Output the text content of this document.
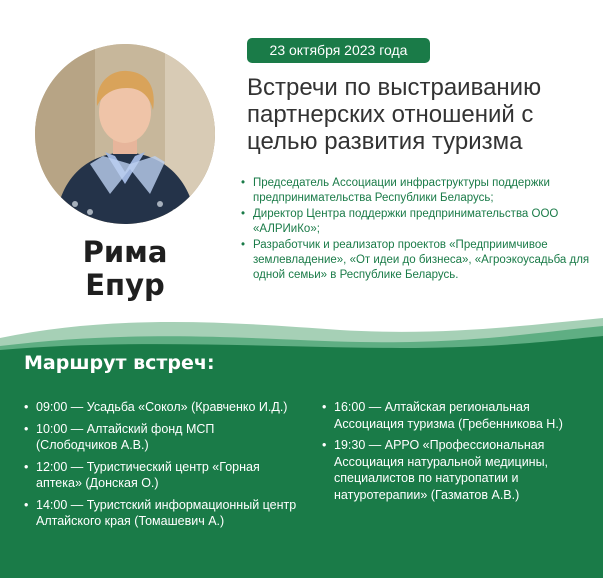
Рима
Епур
23 октября 2023 года
Встречи по выстраиванию партнерских отношений с целью развития туризма
• Председатель Ассоциации инфраструктуры поддержки предпринимательства Республики Беларусь;
• Директор Центра поддержки предпринимательства ООО «АЛРИиКо»;
• Разработчик и реализатор проектов «Предприимчивое землевладение», «От идеи до бизнеса», «Агроэкоусадьба для одной семьи» в Республике Беларусь.
Маршрут встреч:
• 09:00 — Усадьба «Сокол» (Кравченко И.Д.)
• 10:00 — Алтайский фонд МСП (Слободчиков А.В.)
• 12:00 — Туристический центр «Горная аптека» (Донская О.)
• 14:00 — Туристский информационный центр Алтайского края (Томашевич А.)
• 16:00 — Алтайская региональная Ассоциация туризма (Гребенникова Н.)
• 19:30 — АРРО «Профессиональная Ассоциация натуральной медицины, специалистов по натуропатии и натуротерапии» (Газматов А.В.)
